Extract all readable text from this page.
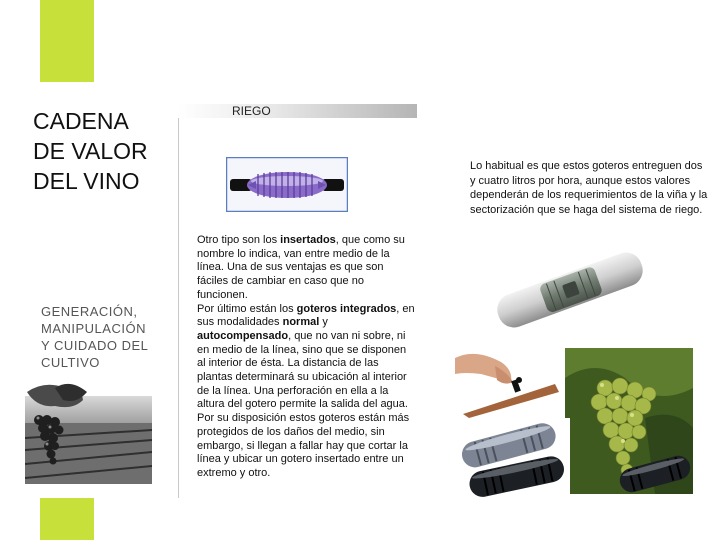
CADENA
DE VALOR
DEL VINO
GENERACIÓN,
MANIPULACIÓN
Y CUIDADO DEL
CULTIVO
RIEGO
Otro tipo son los insertados, que como su nombre lo indica, van entre medio de la línea. Una de sus ventajas es que son fáciles de cambiar en caso que no funcionen.
Por último están los goteros integrados, en sus modalidades normal y autocompensado, que no van ni sobre, ni en medio de la línea, sino que se disponen al interior de ésta. La distancia de las plantas determinará su ubicación al interior de la línea. Una perforación en ella a la altura del gotero permite la salida del agua. Por su disposición estos goteros están más protegidos de los daños del medio, sin embargo, si llegan a fallar hay que cortar la línea y ubicar un gotero insertado entre un extremo y otro.
Lo habitual es que estos goteros entreguen dos y cuatro litros por hora, aunque estos valores dependerán de los requerimientos de la viña y la sectorización que se haga del sistema de riego.
